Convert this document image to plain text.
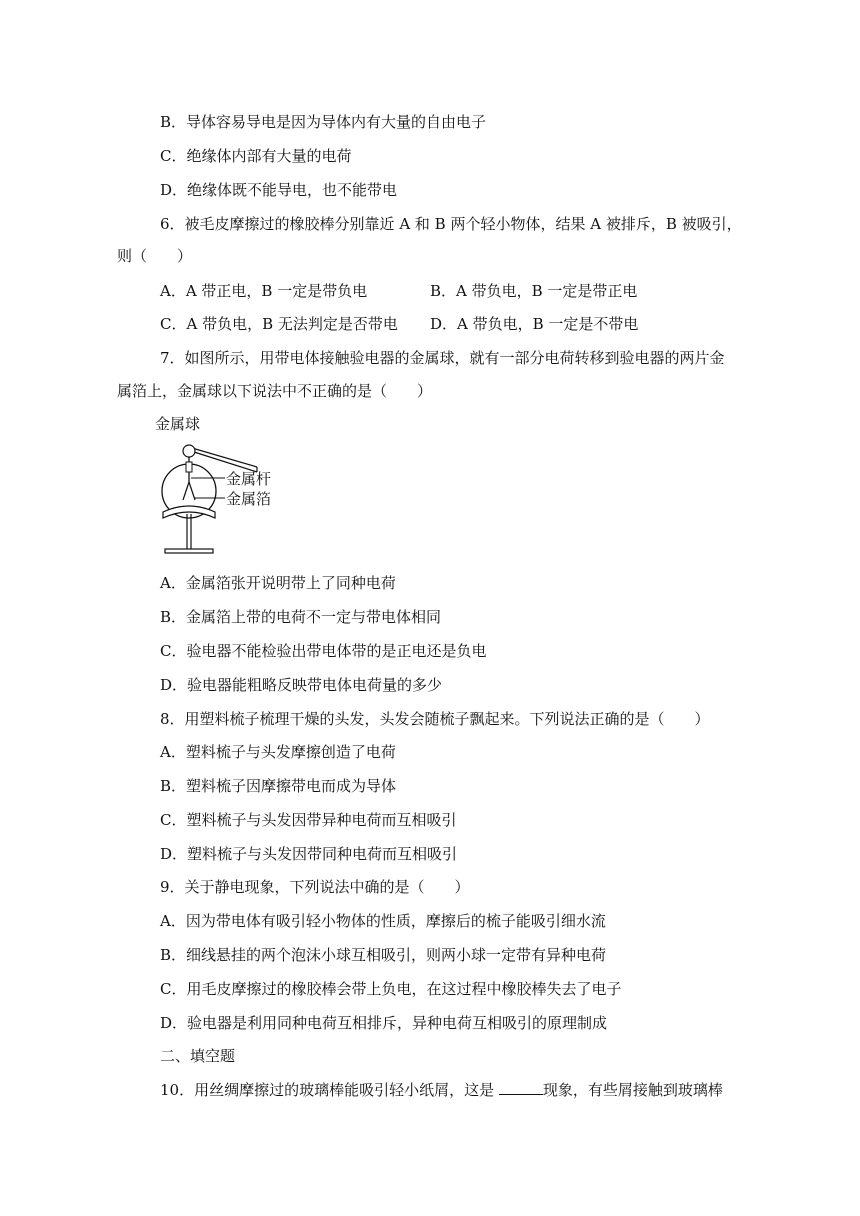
B．导体容易导电是因为导体内有大量的自由电子
C．绝缘体内部有大量的电荷
D．绝缘体既不能导电，也不能带电
6．被毛皮摩擦过的橡胶棒分别靠近 A 和 B 两个轻小物体，结果 A 被排斥，B 被吸引，
则（　　）
A．A 带正电，B 一定是带负电	B．A 带负电，B 一定是带正电
C．A 带负电，B 无法判定是否带电 D．A 带负电，B 一定是不带电
7．如图所示，用带电体接触验电器的金属球，就有一部分电荷转移到验电器的两片金
属箔上，金属球以下说法中不正确的是（　　）
金属球
金属杆
金属箔
A．金属箔张开说明带上了同种电荷
B．金属箔上带的电荷不一定与带电体相同
C．验电器不能检验出带电体带的是正电还是负电
D．验电器能粗略反映带电体电荷量的多少
8．用塑料梳子梳理干燥的头发，头发会随梳子飘起来。下列说法正确的是（　　）
A．塑料梳子与头发摩擦创造了电荷
B．塑料梳子因摩擦带电而成为导体
C．塑料梳子与头发因带异种电荷而互相吸引
D．塑料梳子与头发因带同种电荷而互相吸引
9．关于静电现象，下列说法中确的是（　　）
A．因为带电体有吸引轻小物体的性质，摩擦后的梳子能吸引细水流
B．细线悬挂的两个泡沫小球互相吸引，则两小球一定带有异种电荷
C．用毛皮摩擦过的橡胶棒会带上负电，在这过程中橡胶棒失去了电子
D．验电器是利用同种电荷互相排斥，异种电荷互相吸引的原理制成
二、填空题
10．用丝绸摩擦过的玻璃棒能吸引轻小纸屑，这是	现象，有些屑接触到玻璃棒
